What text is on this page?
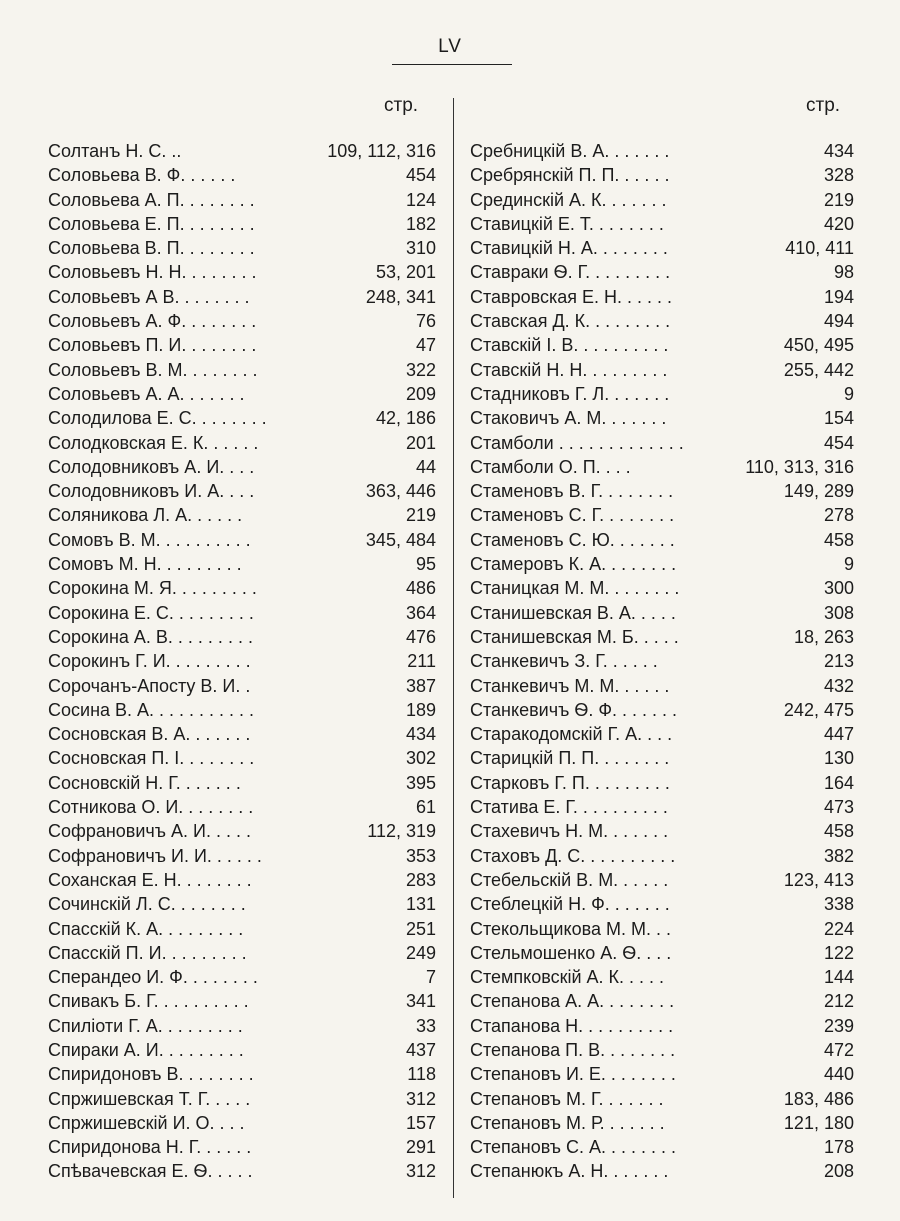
LV
стр.	стр.
Солтанъ Н. С. ..	109, 112, 316
Соловьева В. Ф. . . . . .	454
Соловьева А. П. . . . . . . .	124
Соловьева Е. П. . . . . . . .	182
Соловьева В. П. . . . . . . .	310
Соловьевъ Н. Н. . . . . . . .	53, 201
Соловьевъ А В. . . . . . . .	248, 341
Соловьевъ А. Ф. . . . . . . .	76
Соловьевъ П. И. . . . . . . .	47
Соловьевъ В. М. . . . . . . .	322
Соловьевъ А. А. . . . . . .	209
Солодилова Е. С. . . . . . . .	42, 186
Солодковская Е. К. . . . . .	201
Солодовниковъ А. И. . . .	44
Солодовниковъ И. А. . . .	363, 446
Соляникова Л. А. . . . . .	219
Сомовъ В. М. . . . . . . . . .	345, 484
Сомовъ М. Н. . . . . . . . .	95
Сорокина М. Я. . . . . . . . .	486
Сорокина Е. С. . . . . . . . .	364
Сорокина А. В. . . . . . . . .	476
Сорокинъ Г. И. . . . . . . . .	211
Сорочанъ-Апосту В. И. .	387
Сосина В. А. . . . . . . . . . .	189
Сосновская В. А. . . . . . .	434
Сосновская П. І. . . . . . . .	302
Сосновскій Н. Г. . . . . . .	395
Сотникова О. И. . . . . . . .	61
Софрановичъ А. И. . . . .	112, 319
Софрановичъ И. И. . . . . .	353
Соханская Е. Н. . . . . . . .	283
Сочинскій Л. С. . . . . . . .	131
Спасскій К. А. . . . . . . . .	251
Спасскій П. И. . . . . . . . .	249
Сперандео И. Ф. . . . . . . .	7
Спивакъ Б. Г. . . . . . . . . .	341
Спиліоти Г. А. . . . . . . . .	33
Спираки А. И. . . . . . . . .	437
Спиридоновъ В. . . . . . . .	118
Спржишевская Т. Г. . . . .	312
Спржишевскій И. О. . . .	157
Спиридонова Н. Г. . . . . .	291
Спѣвачевская Е. Ѳ. . . . .	312
Сребницкій В. А. . . . . . .	434
Сребрянскій П. П. . . . . .	328
Срединскій А. К. . . . . . .	219
Ставицкій Е. Т. . . . . . . .	420
Ставицкій Н. А. . . . . . . .	410, 411
Ставраки Ѳ. Г. . . . . . . . .	98
Ставровская Е. Н. . . . . .	194
Ставская Д. К. . . . . . . . .	494
Ставскій І. В. . . . . . . . . .	450, 495
Ставскій Н. Н. . . . . . . . .	255, 442
Стадниковъ Г. Л. . . . . . .	9
Стаковичъ А. М. . . . . . .	154
Стамболи . . . . . . . . . . . . .	454
Стамболи О. П. . . .	110, 313, 316
Стаменовъ В. Г. . . . . . . .	149, 289
Стаменовъ С. Г. . . . . . . .	278
Стаменовъ С. Ю. . . . . . .	458
Стамеровъ К. А. . . . . . . .	9
Станицкая М. М. . . . . . . .	300
Станишевская В. А. . . . .	308
Станишевская М. Б. . . . .	18, 263
Станкевичъ З. Г. . . . . .	213
Станкевичъ М. М. . . . . .	432
Станкевичъ Ѳ. Ф. . . . . . .	242, 475
Старакодомскій Г. А. . . .	447
Старицкій П. П. . . . . . . .	130
Старковъ Г. П. . . . . . . . .	164
Статива Е. Г. . . . . . . . . .	473
Стахевичъ Н. М. . . . . . .	458
Стаховъ Д. С. . . . . . . . . .	382
Стебельскій В. М. . . . . .	123, 413
Стеблецкій Н. Ф. . . . . . .	338
Стекольщикова М. М. . .	224
Стельмошенко А. Ѳ. . . .	122
Стемпковскій А. К. . . . .	144
Степанова А. А. . . . . . . .	212
Стапанова Н. . . . . . . . . .	239
Степанова П. В. . . . . . . .	472
Степановъ И. Е. . . . . . . .	440
Степановъ М. Г. . . . . . .	183, 486
Степановъ М. Р. . . . . . .	121, 180
Степановъ С. А. . . . . . . .	178
Степанюкъ А. Н. . . . . . .	208
